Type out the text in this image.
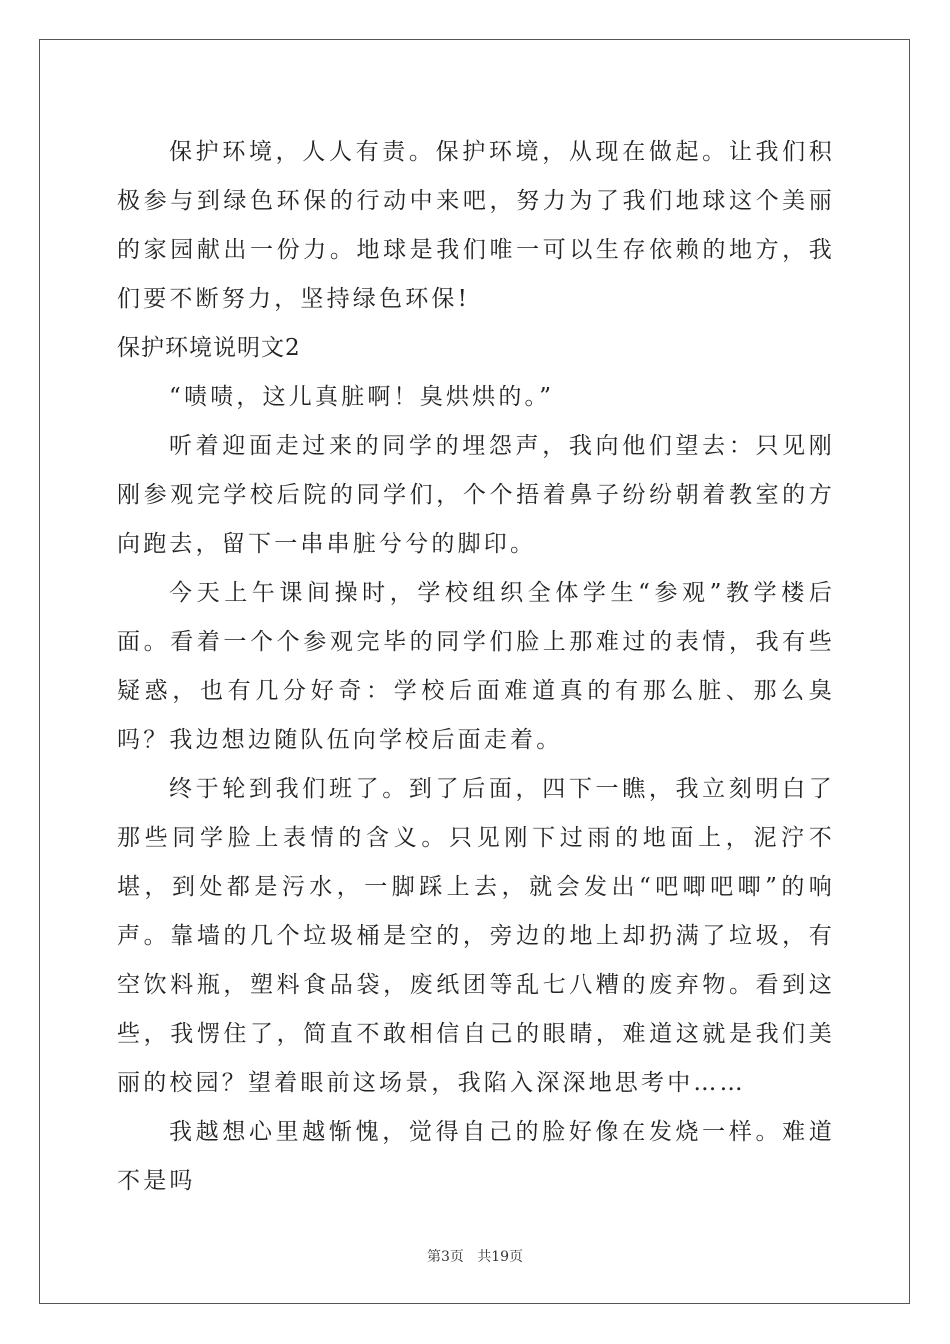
保护环境，人人有责。保护环境，从现在做起。让我们积极参与到绿色环保的行动中来吧，努力为了我们地球这个美丽的家园献出一份力。地球是我们唯一可以生存依赖的地方，我们要不断努力，坚持绿色环保!

保护环境说明文2

“啧啧，这儿真脏啊！臭烘烘的。”

听着迎面走过来的同学的埋怨声，我向他们望去：只见刚刚参观完学校后院的同学们，个个捂着鼻子纷纷朝着教室的方向跑去，留下一串串脏兮兮的脚印。

今天上午课间操时，学校组织全体学生“参观”教学楼后面。看着一个个参观完毕的同学们脸上那难过的表情，我有些疑惑，也有几分好奇：学校后面难道真的有那么脏、那么臭吗？我边想边随队伍向学校后面走着。

终于轮到我们班了。到了后面，四下一瞧，我立刻明白了那些同学脸上表情的含义。只见刚下过雨的地面上，泥泞不堪，到处都是污水，一脚踩上去，就会发出“吧唧吧唧”的响声。靠墙的几个垃圾桶是空的，旁边的地上却扔满了垃圾，有空饮料瓶，塑料食品袋，废纸团等乱七八糟的废弃物。看到这些，我愣住了，简直不敢相信自己的眼睛，难道这就是我们美丽的校园？望着眼前这场景，我陷入深深地思考中……

我越想心里越惭愧，觉得自己的脸好像在发烧一样。难道不是吗

第3页   共19页
